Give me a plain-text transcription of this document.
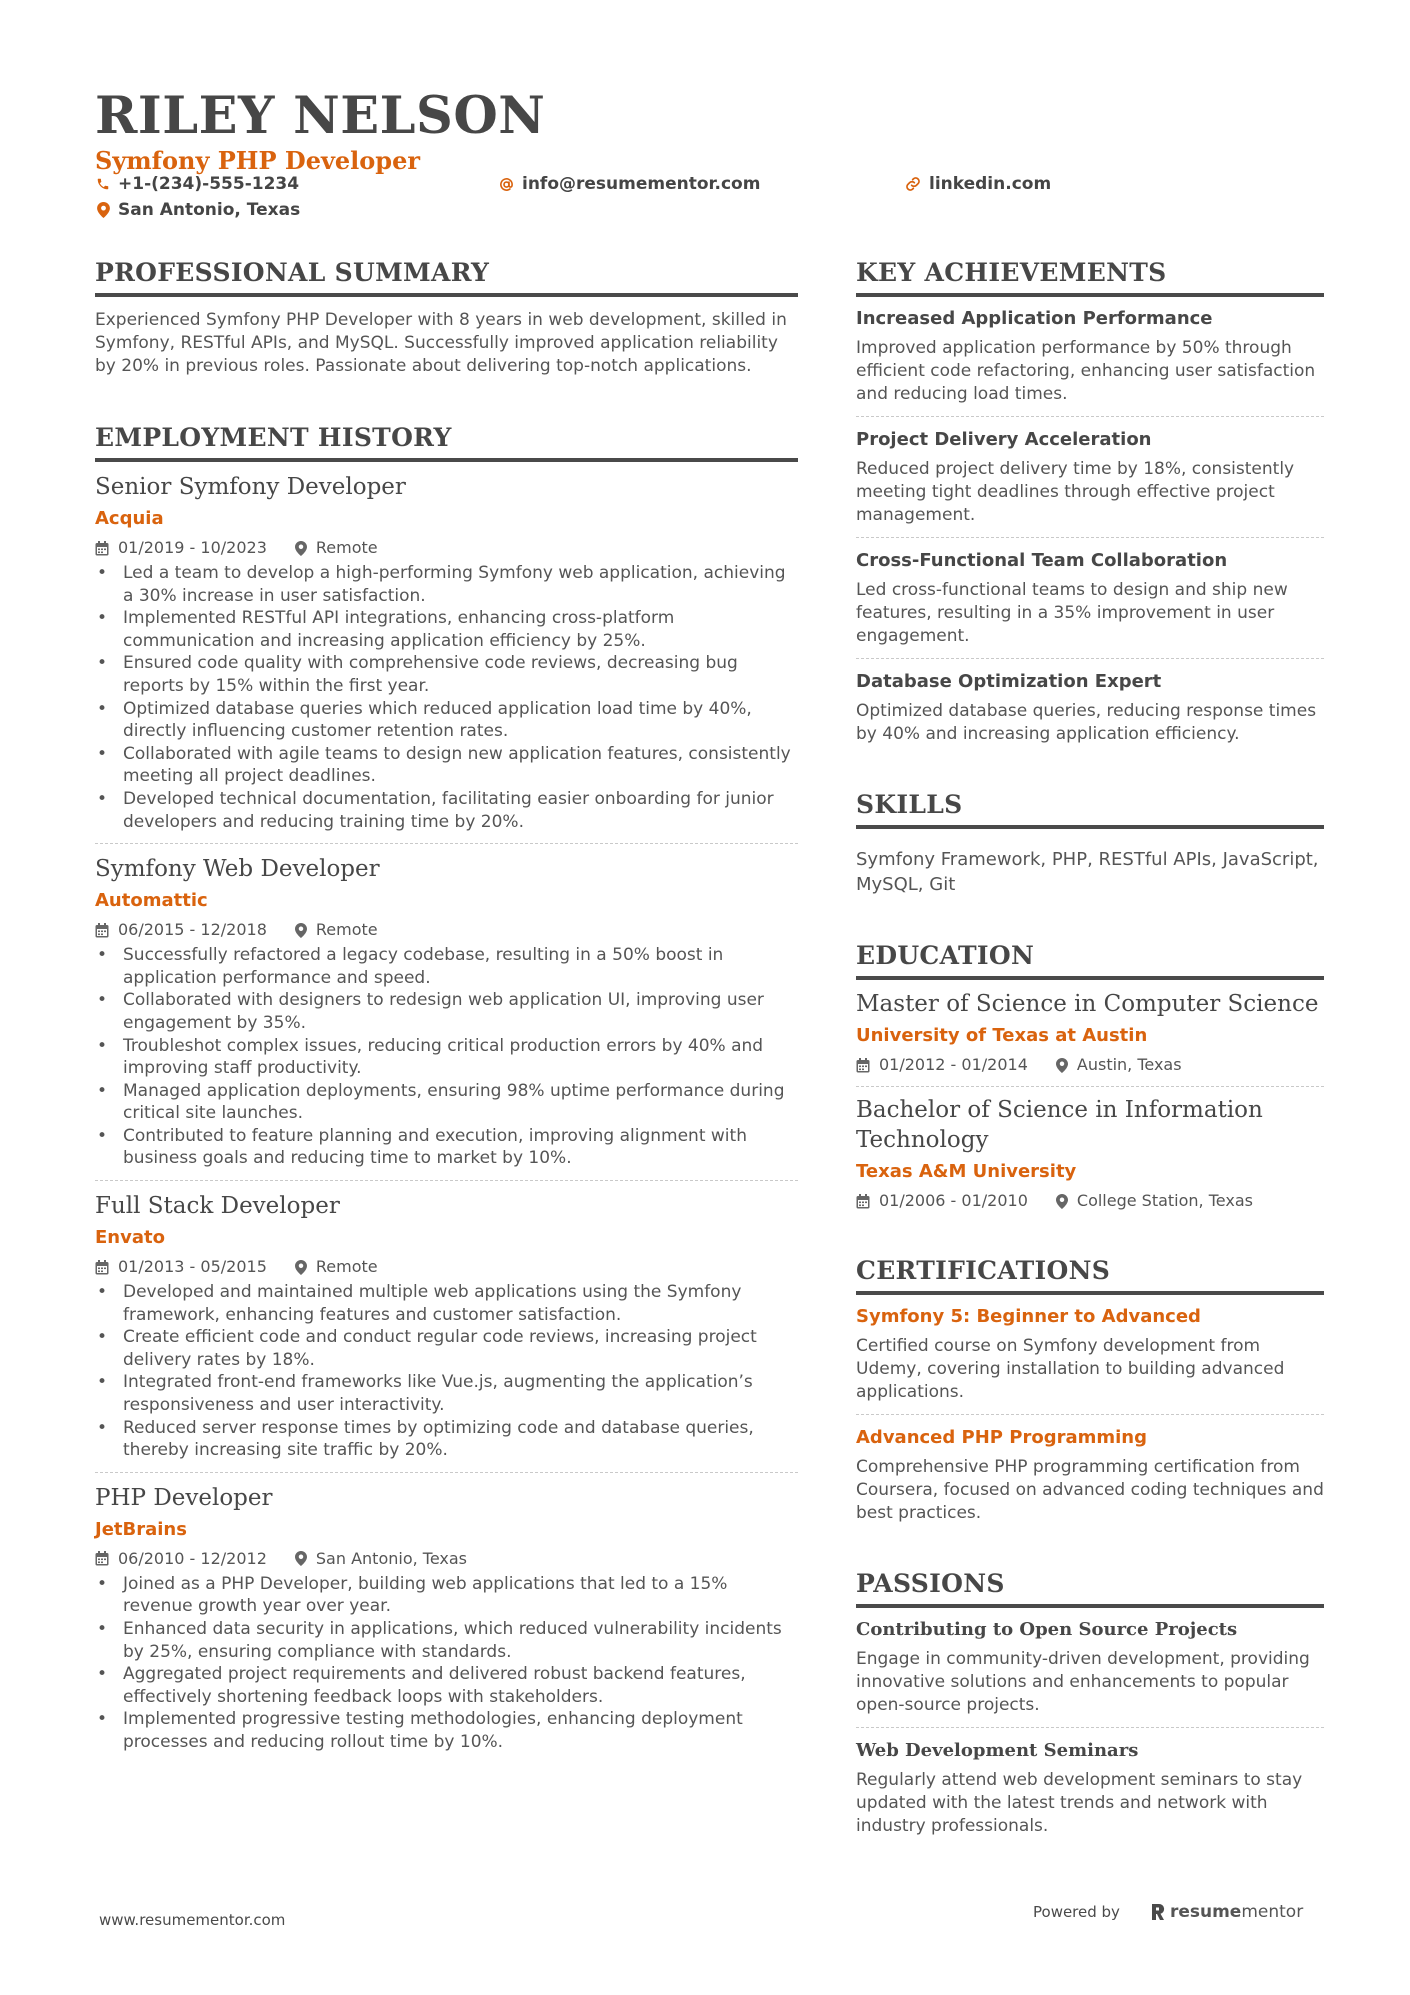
RILEY NELSON
Symfony PHP Developer
+1-(234)-555-1234	info@resumementor.com	linkedin.com
San Antonio, Texas
PROFESSIONAL SUMMARY
Experienced Symfony PHP Developer with 8 years in web development, skilled in Symfony, RESTful APIs, and MySQL. Successfully improved application reliability by 20% in previous roles. Passionate about delivering top-notch applications.
EMPLOYMENT HISTORY
Senior Symfony Developer
Acquia
01/2019 - 10/2023	Remote
• Led a team to develop a high-performing Symfony web application, achieving a 30% increase in user satisfaction.
• Implemented RESTful API integrations, enhancing cross-platform communication and increasing application efficiency by 25%.
• Ensured code quality with comprehensive code reviews, decreasing bug reports by 15% within the first year.
• Optimized database queries which reduced application load time by 40%, directly influencing customer retention rates.
• Collaborated with agile teams to design new application features, consistently meeting all project deadlines.
• Developed technical documentation, facilitating easier onboarding for junior developers and reducing training time by 20%.
Symfony Web Developer
Automattic
06/2015 - 12/2018	Remote
• Successfully refactored a legacy codebase, resulting in a 50% boost in application performance and speed.
• Collaborated with designers to redesign web application UI, improving user engagement by 35%.
• Troubleshot complex issues, reducing critical production errors by 40% and improving staff productivity.
• Managed application deployments, ensuring 98% uptime performance during critical site launches.
• Contributed to feature planning and execution, improving alignment with business goals and reducing time to market by 10%.
Full Stack Developer
Envato
01/2013 - 05/2015	Remote
• Developed and maintained multiple web applications using the Symfony framework, enhancing features and customer satisfaction.
• Create efficient code and conduct regular code reviews, increasing project delivery rates by 18%.
• Integrated front-end frameworks like Vue.js, augmenting the application’s responsiveness and user interactivity.
• Reduced server response times by optimizing code and database queries, thereby increasing site traffic by 20%.
PHP Developer
JetBrains
06/2010 - 12/2012	San Antonio, Texas
• Joined as a PHP Developer, building web applications that led to a 15% revenue growth year over year.
• Enhanced data security in applications, which reduced vulnerability incidents by 25%, ensuring compliance with standards.
• Aggregated project requirements and delivered robust backend features, effectively shortening feedback loops with stakeholders.
• Implemented progressive testing methodologies, enhancing deployment processes and reducing rollout time by 10%.
KEY ACHIEVEMENTS
Increased Application Performance
Improved application performance by 50% through efficient code refactoring, enhancing user satisfaction and reducing load times.
Project Delivery Acceleration
Reduced project delivery time by 18%, consistently meeting tight deadlines through effective project management.
Cross-Functional Team Collaboration
Led cross-functional teams to design and ship new features, resulting in a 35% improvement in user engagement.
Database Optimization Expert
Optimized database queries, reducing response times by 40% and increasing application efficiency.
SKILLS
Symfony Framework, PHP, RESTful APIs, JavaScript, MySQL, Git
EDUCATION
Master of Science in Computer Science
University of Texas at Austin
01/2012 - 01/2014	Austin, Texas
Bachelor of Science in Information Technology
Texas A&M University
01/2006 - 01/2010	College Station, Texas
CERTIFICATIONS
Symfony 5: Beginner to Advanced
Certified course on Symfony development from Udemy, covering installation to building advanced applications.
Advanced PHP Programming
Comprehensive PHP programming certification from Coursera, focused on advanced coding techniques and best practices.
PASSIONS
Contributing to Open Source Projects
Engage in community-driven development, providing innovative solutions and enhancements to popular open-source projects.
Web Development Seminars
Regularly attend web development seminars to stay updated with the latest trends and network with industry professionals.
www.resumementor.com	Powered by	resume mentor
